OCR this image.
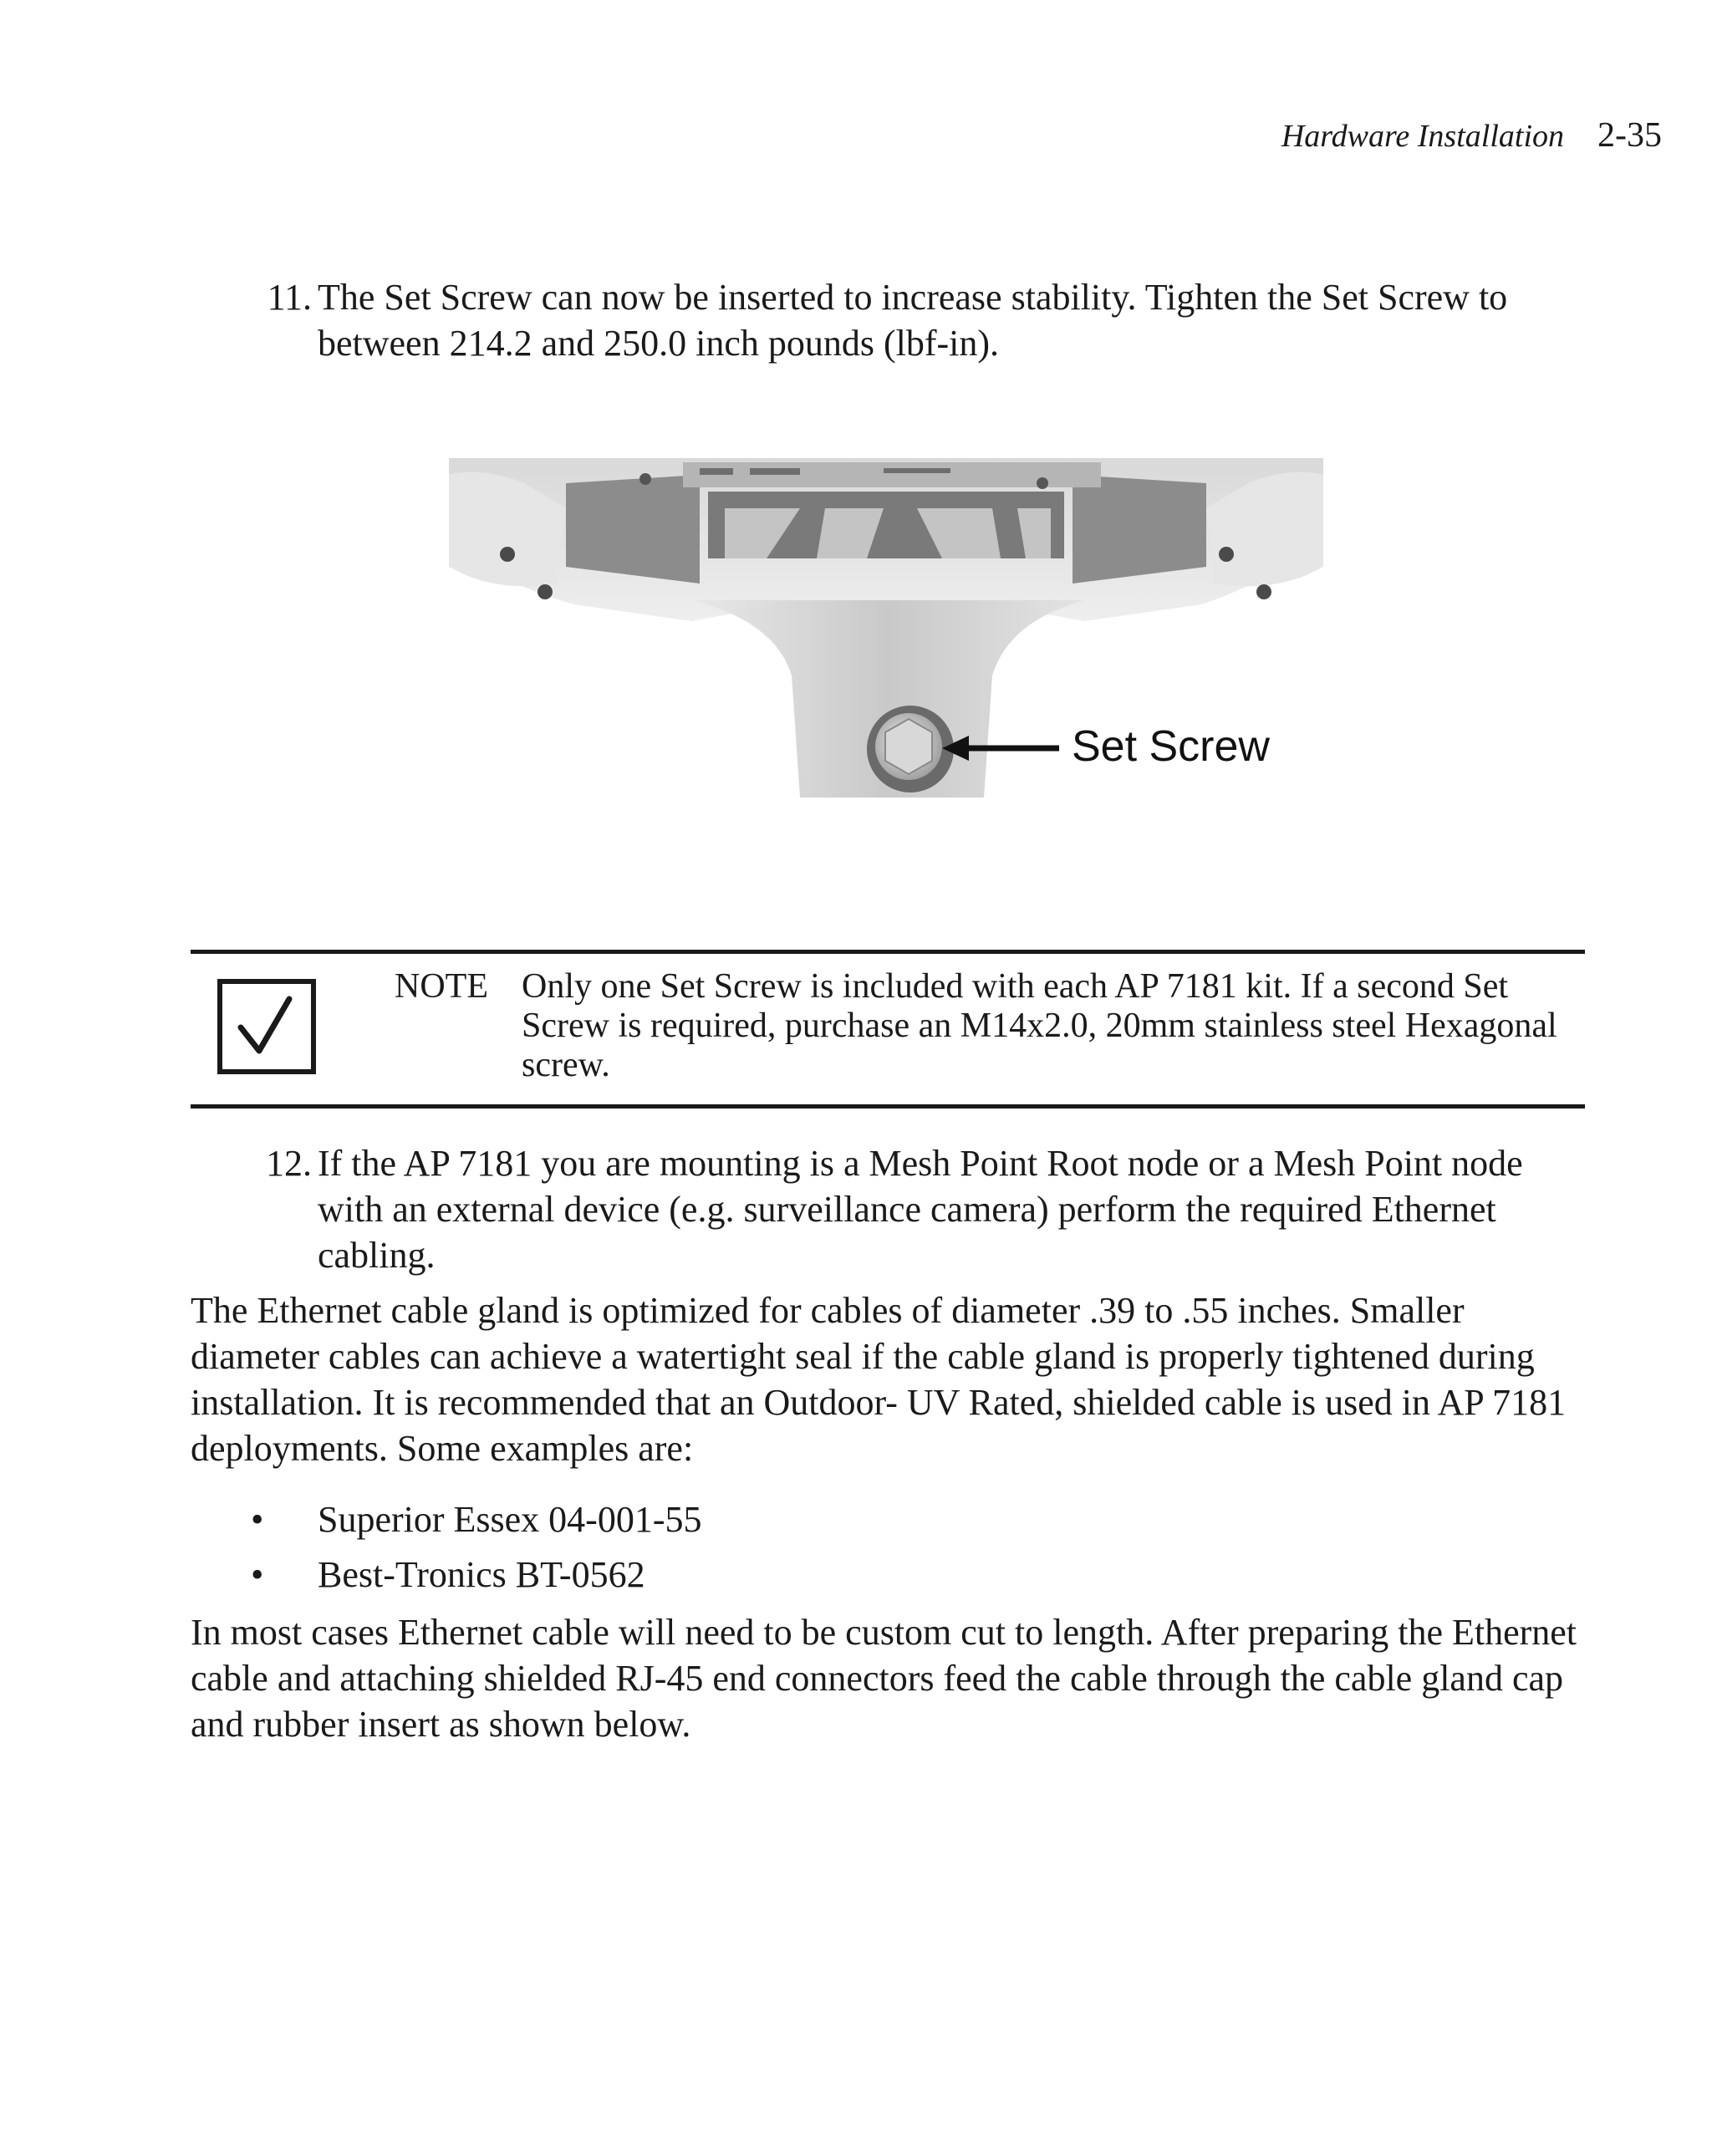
Hardware Installation 2-35
11. The Set Screw can now be inserted to increase stability. Tighten the Set Screw to between 214.2 and 250.0 inch pounds (lbf-in).
Set Screw
NOTE Only one Set Screw is included with each AP 7181 kit. If a second Set Screw is required, purchase an M14x2.0, 20mm stainless steel Hexagonal screw.
12. If the AP 7181 you are mounting is a Mesh Point Root node or a Mesh Point node with an external device (e.g. surveillance camera) perform the required Ethernet cabling.
The Ethernet cable gland is optimized for cables of diameter .39 to .55 inches. Smaller diameter cables can achieve a watertight seal if the cable gland is properly tightened during installation. It is recommended that an Outdoor- UV Rated, shielded cable is used in AP 7181 deployments. Some examples are:
• Superior Essex 04-001-55
• Best-Tronics BT-0562
In most cases Ethernet cable will need to be custom cut to length. After preparing the Ethernet cable and attaching shielded RJ-45 end connectors feed the cable through the cable gland cap and rubber insert as shown below.
